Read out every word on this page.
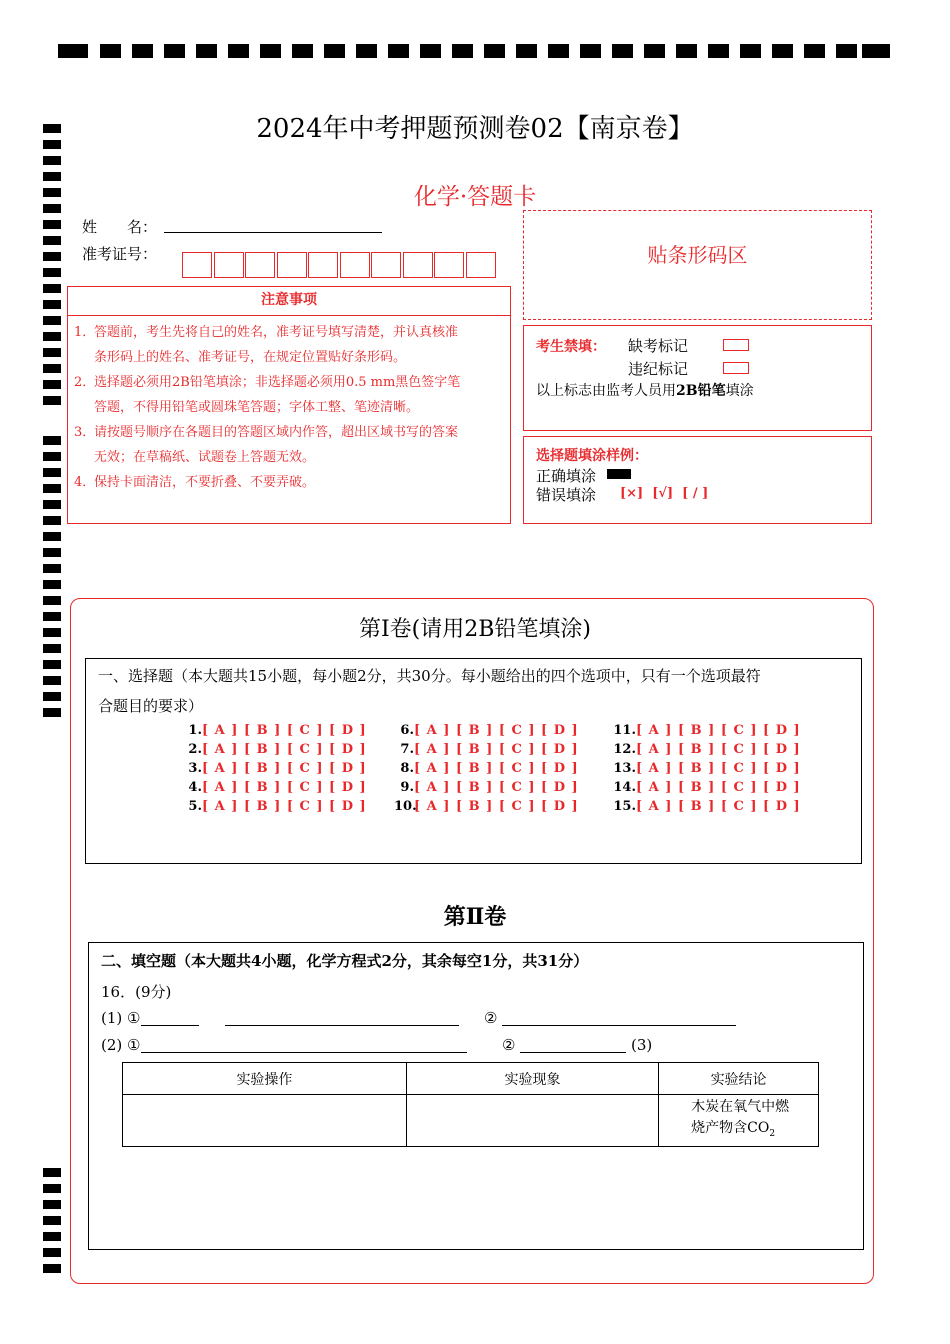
2024年中考押题预测卷02【南京卷】
化学·答题卡
姓　　名：
准考证号：	贴条形码区
注意事项
1．
答题前，考生先将自己的姓名，准考证号填写清楚，并认真核准
条形码上的姓名、准考证号，在规定位置贴好条形码。
2．
选择题必须用2B铅笔填涂；非选择题必须用0.5 mm黑色签字笔
答题，不得用铅笔或圆珠笔答题；字体工整、笔迹清晰。
3．
请按题号顺序在各题目的答题区域内作答，超出区域书写的答案
无效；在草稿纸、试题卷上答题无效。
4．
保持卡面清洁，不要折叠、不要弄破。
考生禁填： 缺考标记
违纪标记
以上标志由监考人员用2B铅笔填涂
选择题填涂样例：
正确填涂
错误填涂 [×]  [√]  [ / ]
第Ⅰ卷(请用2B铅笔填涂)
一、选择题（本大题共15小题，每小题2分，共30分。每小题给出的四个选项中，只有一个选项最符
合题目的要求）
1.[ A ] [ B ] [ C ] [ D ]
2.[ A ] [ B ] [ C ] [ D ]
3.[ A ] [ B ] [ C ] [ D ]
4.[ A ] [ B ] [ C ] [ D ]
5.[ A ] [ B ] [ C ] [ D ]
6.[ A ] [ B ] [ C ] [ D ]
7.[ A ] [ B ] [ C ] [ D ]
8.[ A ] [ B ] [ C ] [ D ]
9.[ A ] [ B ] [ C ] [ D ]
10.[ A ] [ B ] [ C ] [ D ]
11.[ A ] [ B ] [ C ] [ D ]
12.[ A ] [ B ] [ C ] [ D ]
13.[ A ] [ B ] [ C ] [ D ]
14.[ A ] [ B ] [ C ] [ D ]
15.[ A ] [ B ] [ C ] [ D ]
第Ⅱ卷
二、填空题（本大题共4小题，化学方程式2分，其余每空1分，共31分）
16．(9分)
(1) ①	②
(2) ①	②	(3)
实验操作	实验现象	实验结论

		木炭在氧气中燃
烧产物含$CO_2$
